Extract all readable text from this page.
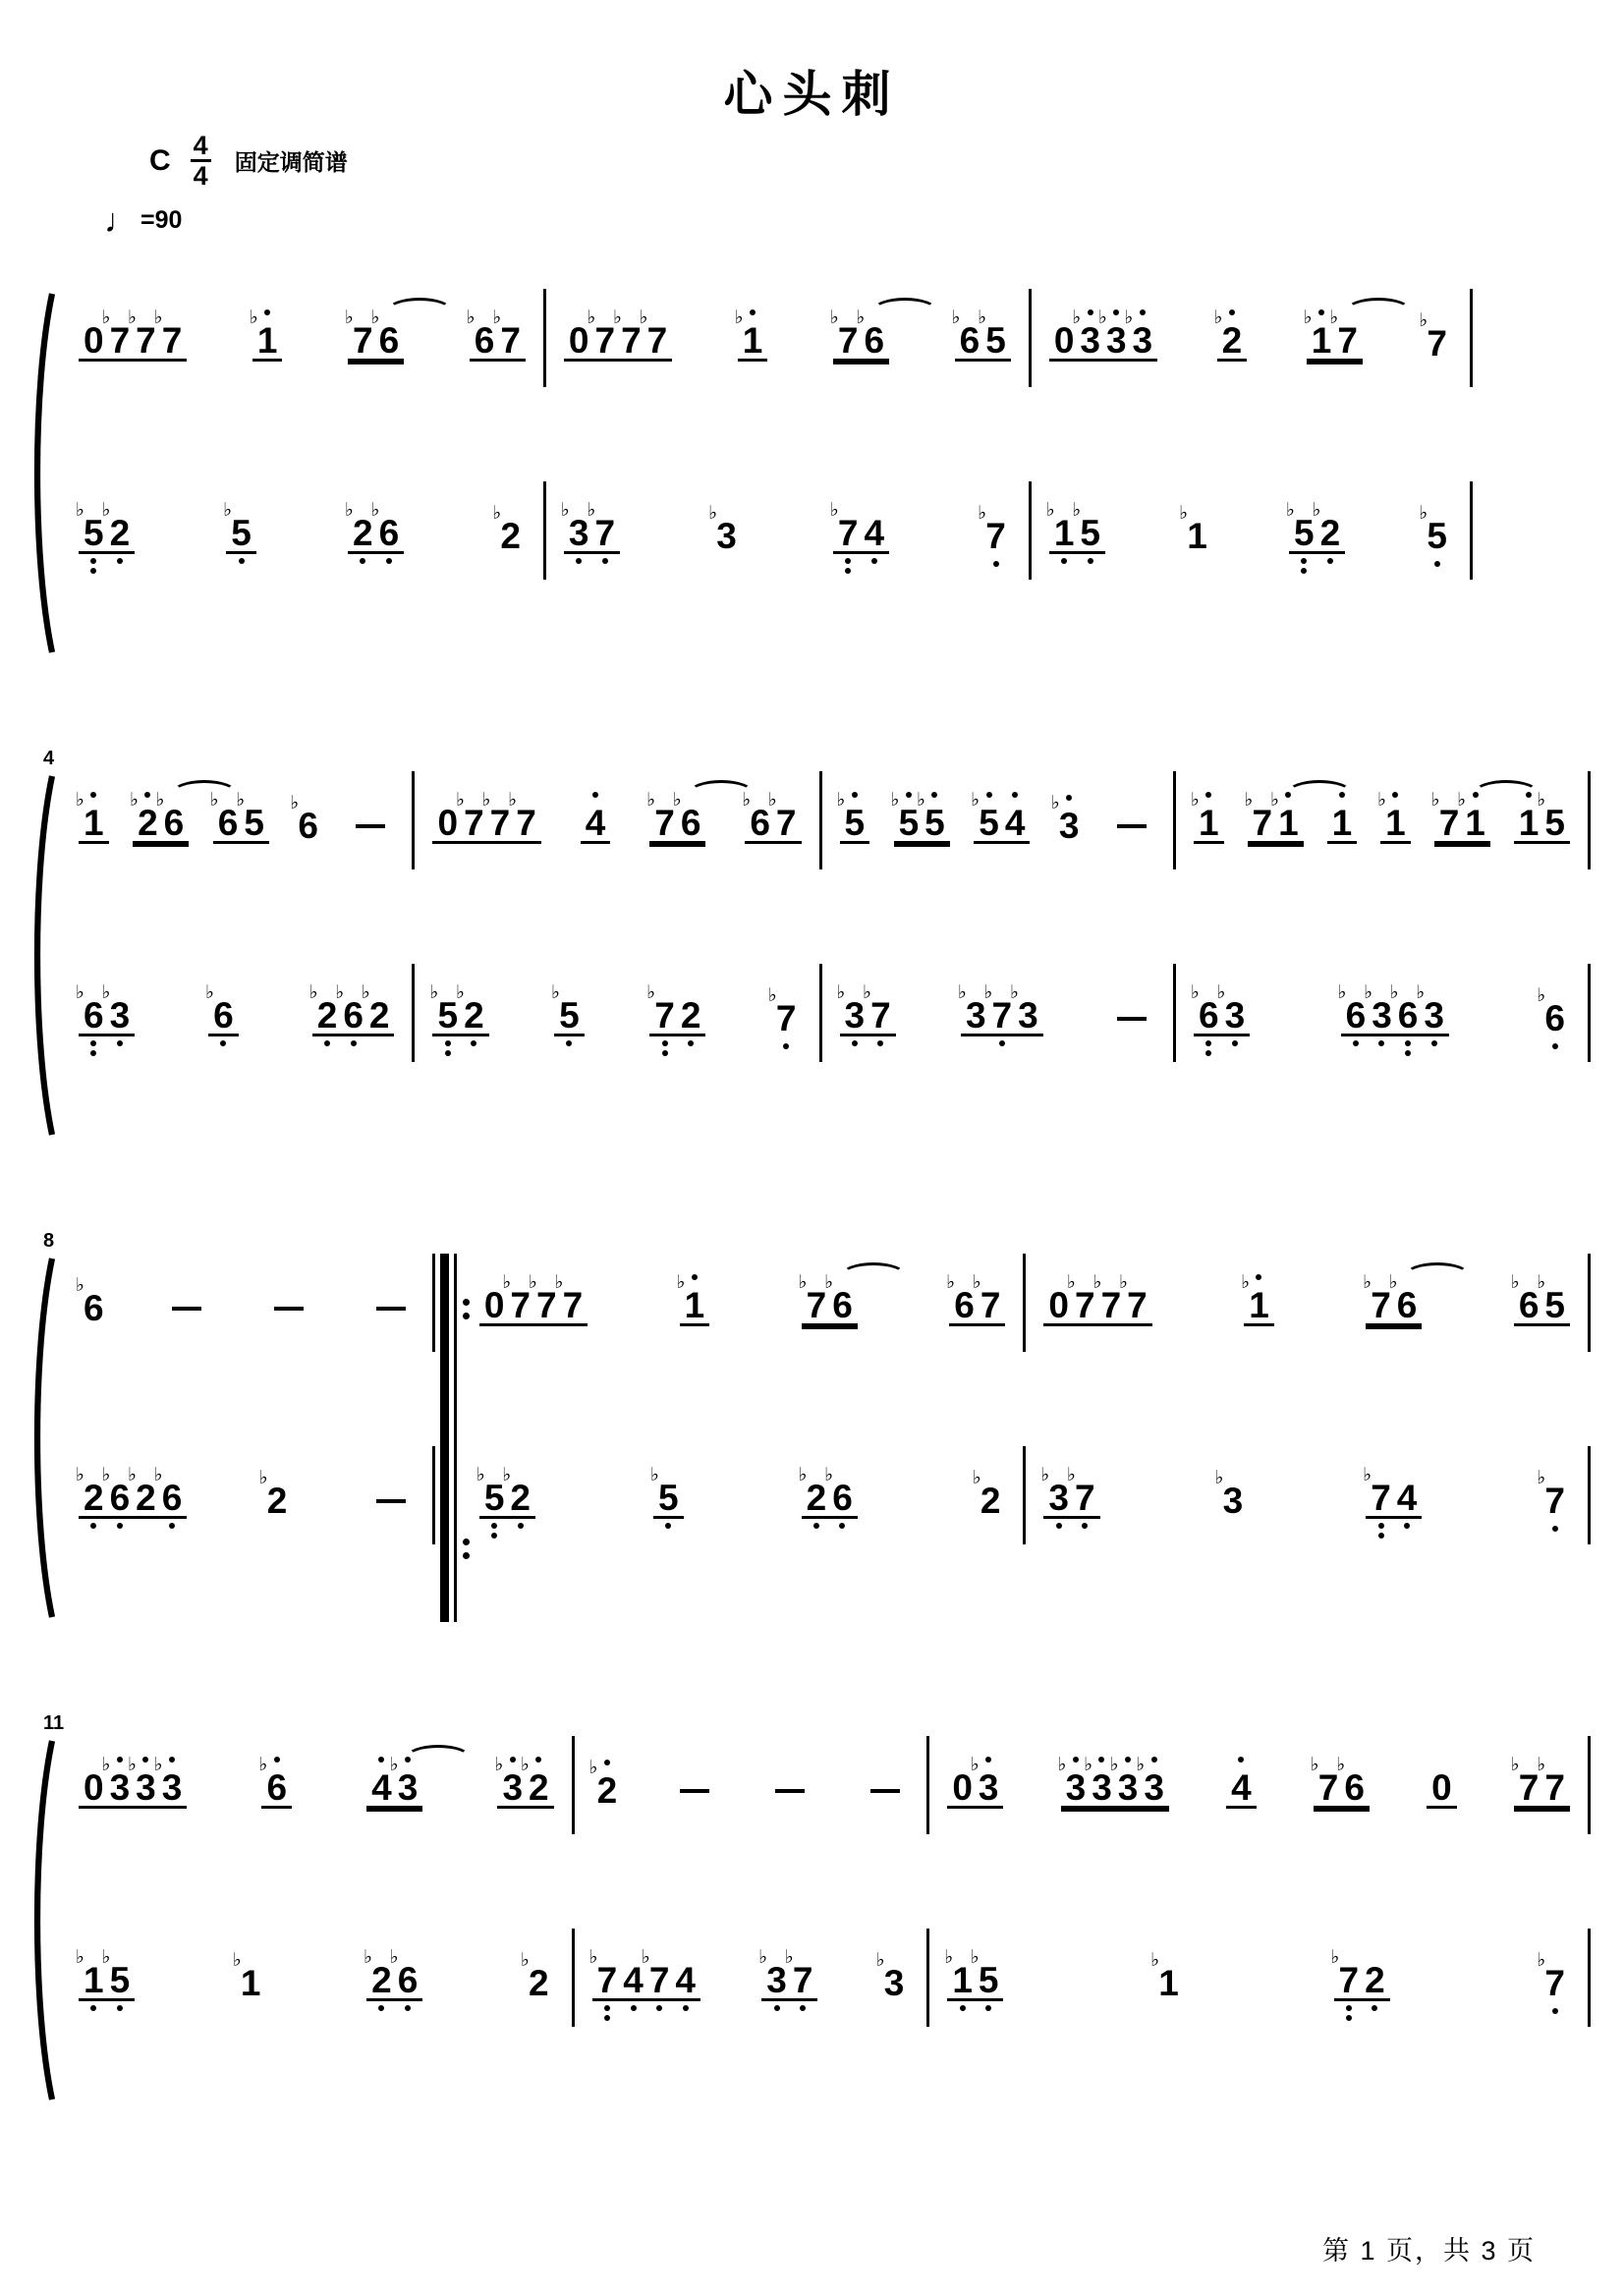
心头刺
C $\frac{4}{4}$ 固定调简谱
♩ =90
0
♭
7
♭
7
♭
7
♭
1
♭
7
♭
6
♭
6
♭
7
♭
5
♭
2
♭
5
♭
2
♭
6	♭
2
0
♭
7
♭
7
♭
7
♭
1
♭
7
♭
6
♭
6
♭
5
♭
3
♭
7	♭
3
♭
7 4	♭
7
0
♭
3
♭
3
♭
3
♭
2
♭
1
♭
7	♭
7
♭
1
♭
5	♭
1
♭
5
♭
2	♭
5
4
♭
1
♭
2
♭
6
♭
6
♭
5 ♭
6
♭
6
♭
3
♭
6
♭
2
♭
6
♭
2
0
♭
7
♭
7
♭
7 4
♭
7
♭
6
♭
6
♭
7
♭
5
♭
2
♭
5
♭
7 2	♭
7
♭
5
♭
5
♭
5
♭
5 4 ♭
3
♭
3
♭
7
♭
3
♭
7
♭
3
♭
1
♭
7
♭
1 1
♭
1
♭
7
♭
1 1
♭
5
♭
6
♭
3
♭
6
♭
3
♭
6
♭
3	♭
6
8
♭
6
♭
2
♭
6
♭
2
♭
6	♭
2
0
♭
7
♭
7
♭
7
♭
1
♭
7
♭
6
♭
6
♭
7
♭
5
♭
2
♭
5
♭
2
♭
6	♭
2
0
♭
7
♭
7
♭
7
♭
1
♭
7
♭
6
♭
6
♭
5
♭
3
♭
7	♭
3
♭
7 4	♭
7
11
0
♭
3
♭
3
♭
3
♭
6 4
♭
3
♭
3
♭
2
♭
1
♭
5	♭
1
♭
2
♭
6	♭
2
♭
2
♭
7 4
♭
7 4
♭
3
♭
7	♭
3
0
♭
3
♭
3
♭
3
♭
3
♭
3 4
♭
7
♭
6 0
♭
7
♭
7
♭
1
♭
5	♭
1
♭
7 2	♭
7
第 1 页，共 3 页
